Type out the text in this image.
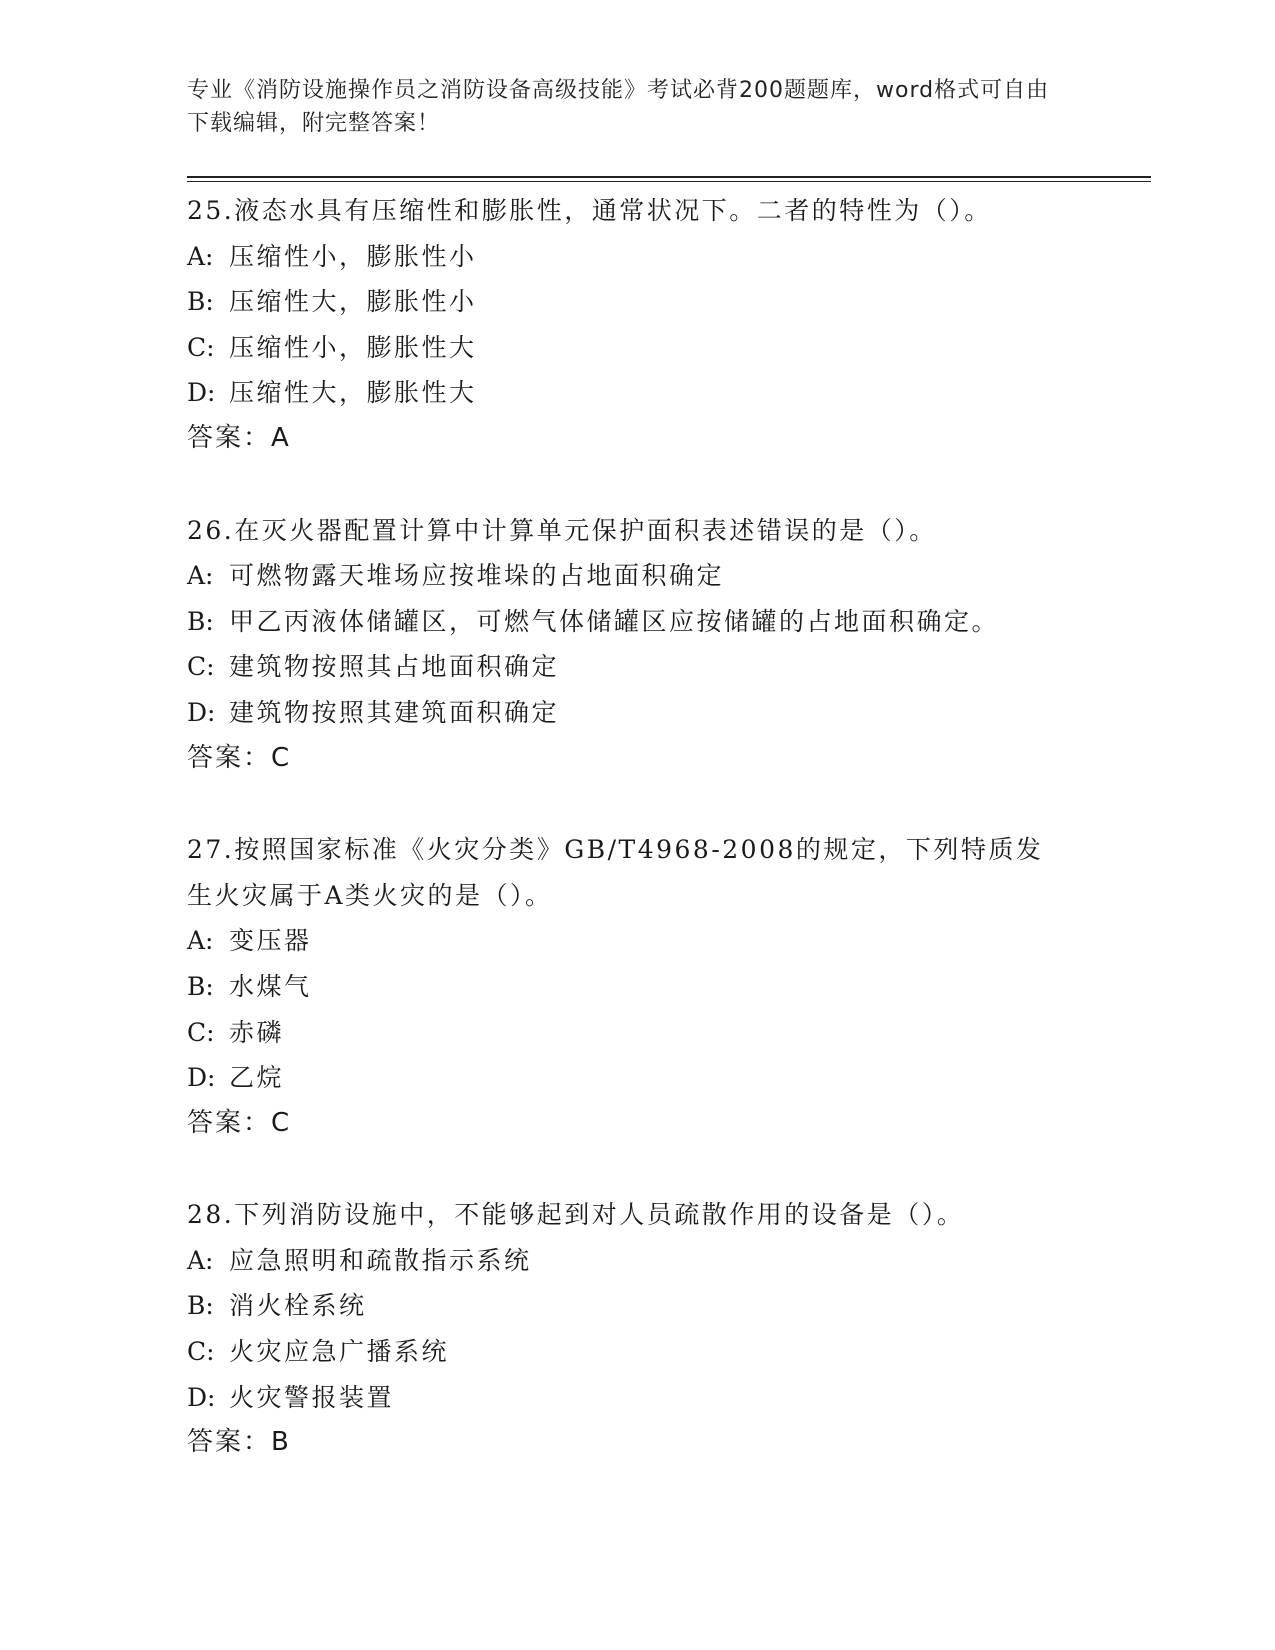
专业《消防设施操作员之消防设备高级技能》考试必背200题题库，word格式可自由下载编辑，附完整答案！
25.液态水具有压缩性和膨胀性，通常状况下。二者的特性为（）。
A: 压缩性小，膨胀性小
B: 压缩性大，膨胀性小
C: 压缩性小，膨胀性大
D: 压缩性大，膨胀性大
答案：A
26.在灭火器配置计算中计算单元保护面积表述错误的是（）。
A: 可燃物露天堆场应按堆垛的占地面积确定
B: 甲乙丙液体储罐区，可燃气体储罐区应按储罐的占地面积确定。
C: 建筑物按照其占地面积确定
D: 建筑物按照其建筑面积确定
答案：C
27.按照国家标准《火灾分类》GB/T4968-2008的规定，下列特质发生火灾属于A类火灾的是（）。
A: 变压器
B: 水煤气
C: 赤磷
D: 乙烷
答案：C
28.下列消防设施中，不能够起到对人员疏散作用的设备是（）。
A: 应急照明和疏散指示系统
B: 消火栓系统
C: 火灾应急广播系统
D: 火灾警报装置
答案：B
